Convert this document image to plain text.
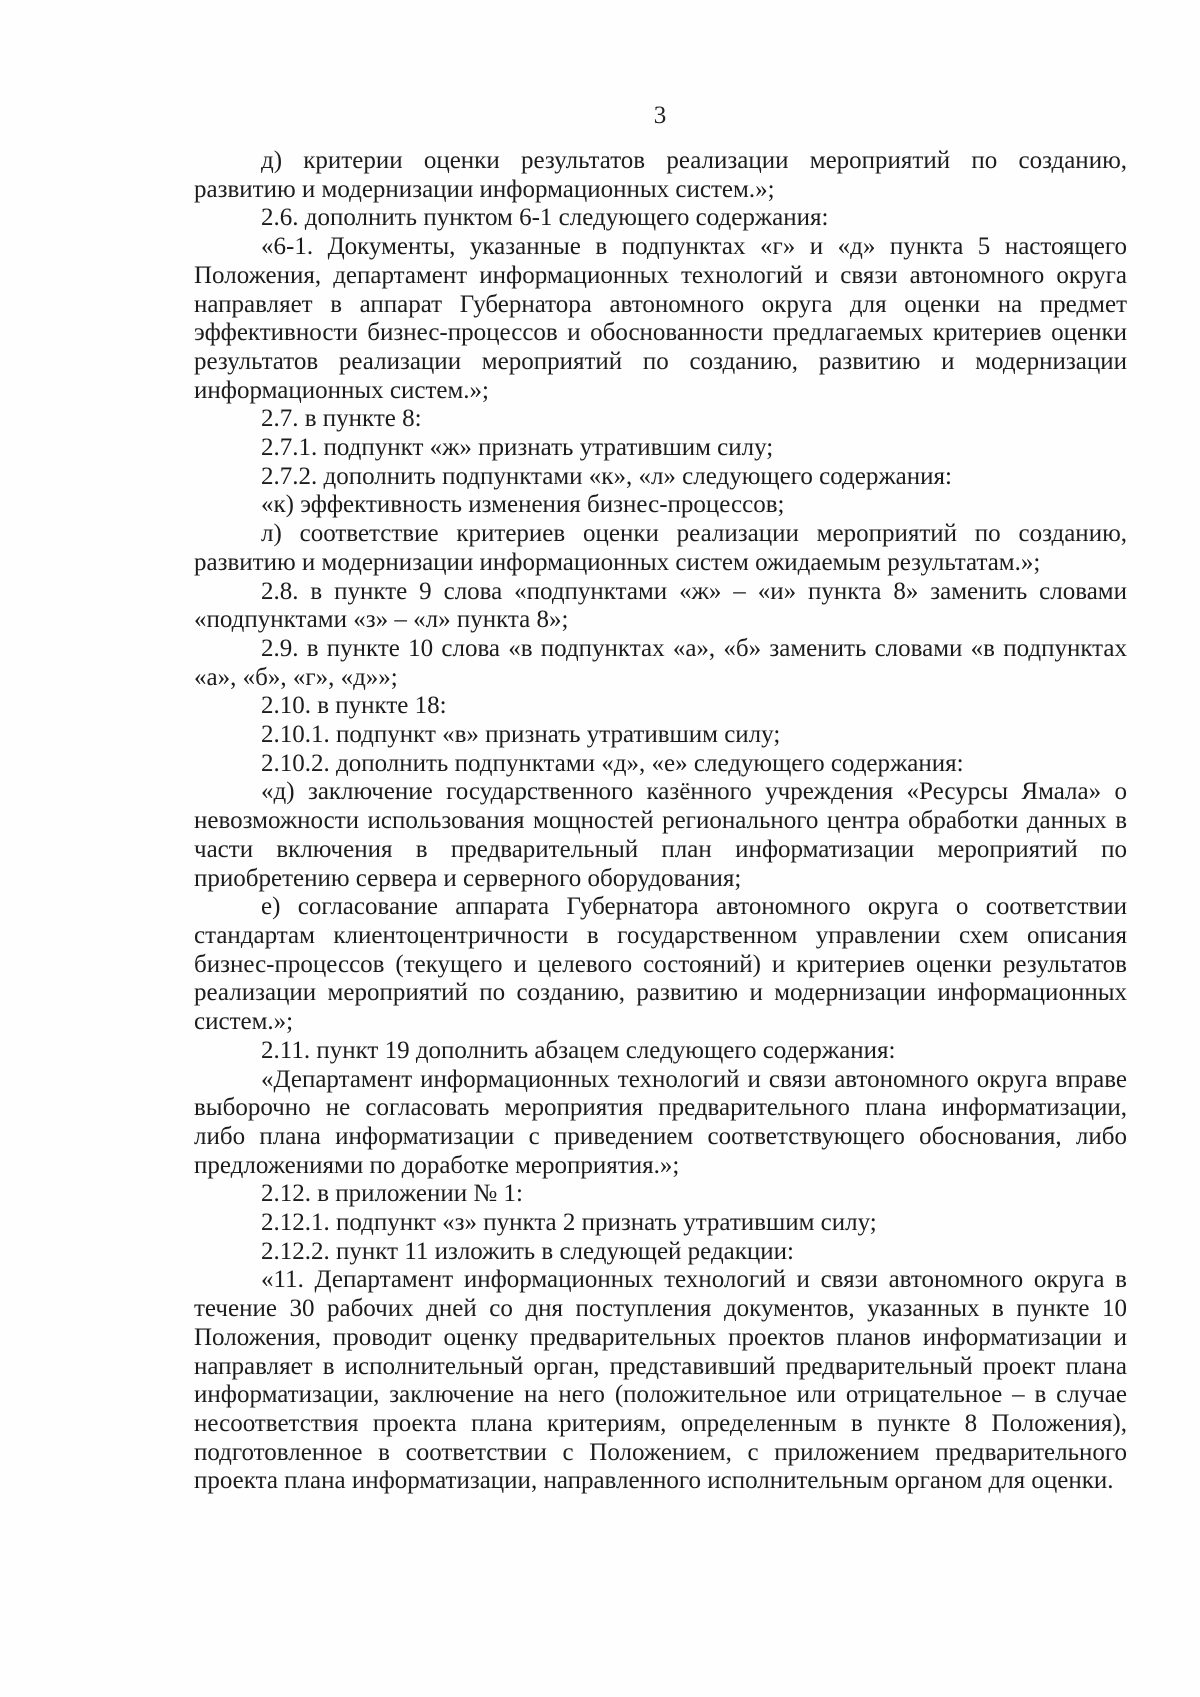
3

д) критерии оценки результатов реализации мероприятий по созданию, развитию и модернизации информационных систем.»;

2.6. дополнить пунктом 6-1 следующего содержания:

«6-1. Документы, указанные в подпунктах «г» и «д» пункта 5 настоящего Положения, департамент информационных технологий и связи автономного округа направляет в аппарат Губернатора автономного округа для оценки на предмет эффективности бизнес-процессов и обоснованности предлагаемых критериев оценки результатов реализации мероприятий по созданию, развитию и модернизации информационных систем.»;

2.7. в пункте 8:

2.7.1. подпункт «ж» признать утратившим силу;

2.7.2. дополнить подпунктами «к», «л» следующего содержания:

«к) эффективность изменения бизнес-процессов;

л) соответствие критериев оценки реализации мероприятий по созданию, развитию и модернизации информационных систем ожидаемым результатам.»;

2.8. в пункте 9 слова «подпунктами «ж» – «и» пункта 8» заменить словами «подпунктами «з» – «л» пункта 8»;

2.9. в пункте 10 слова «в подпунктах «а», «б» заменить словами «в подпунктах «а», «б», «г», «д»»;

2.10. в пункте 18:

2.10.1. подпункт «в» признать утратившим силу;

2.10.2. дополнить подпунктами «д», «е» следующего содержания:

«д) заключение государственного казённого учреждения «Ресурсы Ямала» о невозможности использования мощностей регионального центра обработки данных в части включения в предварительный план информатизации мероприятий по приобретению сервера и серверного оборудования;

е) согласование аппарата Губернатора автономного округа о соответствии стандартам клиентоцентричности в государственном управлении схем описания бизнес-процессов (текущего и целевого состояний) и критериев оценки результатов реализации мероприятий по созданию, развитию и модернизации информационных систем.»;

2.11. пункт 19 дополнить абзацем следующего содержания:

«Департамент информационных технологий и связи автономного округа вправе выборочно не согласовать мероприятия предварительного плана информатизации, либо плана информатизации с приведением соответствующего обоснования, либо предложениями по доработке мероприятия.»;

2.12. в приложении № 1:

2.12.1. подпункт «з» пункта 2 признать утратившим силу;

2.12.2. пункт 11 изложить в следующей редакции:

«11. Департамент информационных технологий и связи автономного округа в течение 30 рабочих дней со дня поступления документов, указанных в пункте 10 Положения, проводит оценку предварительных проектов планов информатизации и направляет в исполнительный орган, представивший предварительный проект плана информатизации, заключение на него (положительное или отрицательное – в случае несоответствия проекта плана критериям, определенным в пункте 8 Положения), подготовленное в соответствии с Положением, с приложением предварительного проекта плана информатизации, направленного исполнительным органом для оценки.
